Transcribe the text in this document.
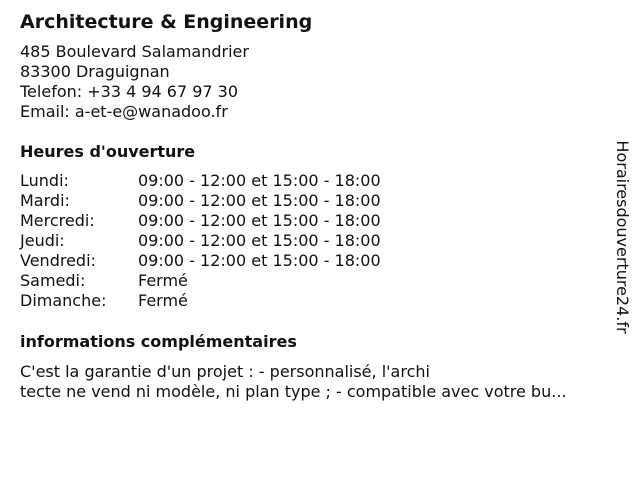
Architecture & Engineering
485 Boulevard Salamandrier
83300 Draguignan
Telefon: +33 4 94 67 97 30
Email: a-et-e@wanadoo.fr
Heures d'ouverture
Lundi:	09:00 - 12:00 et 15:00 - 18:00
Mardi:	09:00 - 12:00 et 15:00 - 18:00
Mercredi:	09:00 - 12:00 et 15:00 - 18:00
Jeudi:	09:00 - 12:00 et 15:00 - 18:00
Vendredi:	09:00 - 12:00 et 15:00 - 18:00
Samedi:	Fermé
Dimanche:	Fermé
informations complémentaires
C'est la garantie d'un projet : - personnalisé, l'archi
tecte ne vend ni modèle, ni plan type ; - compatible avec votre bu...
Horairesdouverture24.fr
